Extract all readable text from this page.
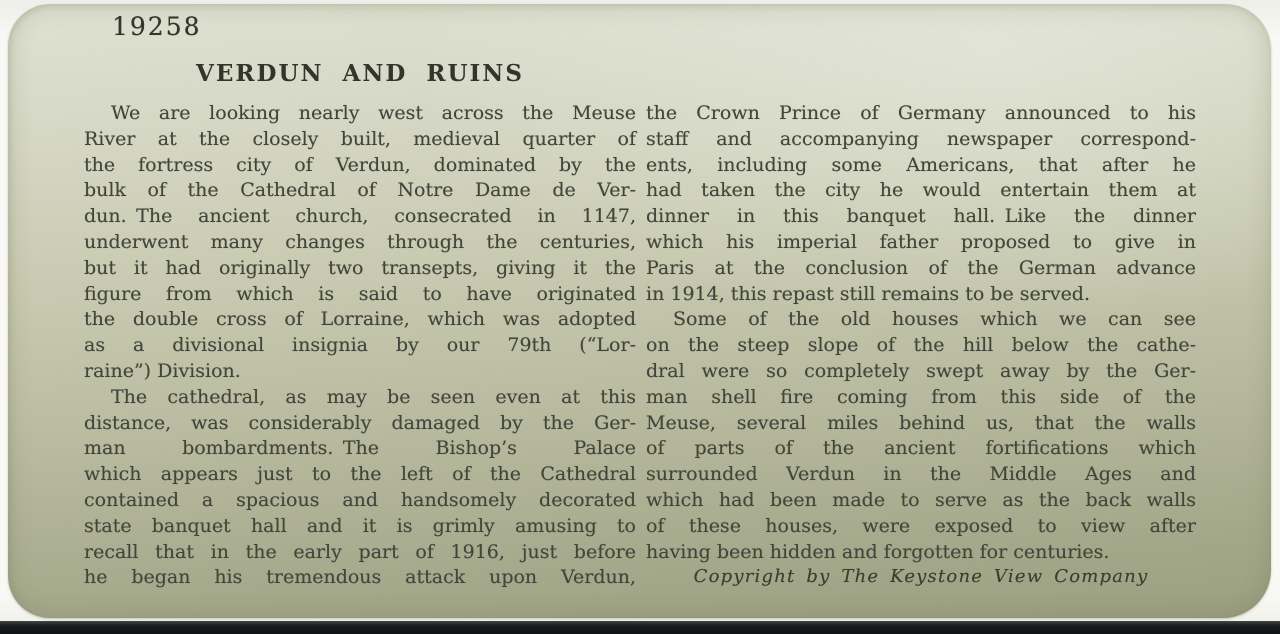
19258
VERDUN AND RUINS
We are looking nearly west across the Meuse
River at the closely built, medieval quarter of
the fortress city of Verdun, dominated by the
bulk of the Cathedral of Notre Dame de Ver-
dun. The ancient church, consecrated in 1147,
underwent many changes through the centuries,
but it had originally two transepts, giving it the
figure from which is said to have originated
the double cross of Lorraine, which was adopted
as a divisional insignia by our 79th (“Lor-
raine”) Division.
The cathedral, as may be seen even at this
distance, was considerably damaged by the Ger-
man bombardments. The Bishop’s Palace
which appears just to the left of the Cathedral
contained a spacious and handsomely decorated
state banquet hall and it is grimly amusing to
recall that in the early part of 1916, just before
he began his tremendous attack upon Verdun,
the Crown Prince of Germany announced to his
staff and accompanying newspaper correspond-
ents, including some Americans, that after he
had taken the city he would entertain them at
dinner in this banquet hall. Like the dinner
which his imperial father proposed to give in
Paris at the conclusion of the German advance
in 1914, this repast still remains to be served.
Some of the old houses which we can see
on the steep slope of the hill below the cathe-
dral were so completely swept away by the Ger-
man shell fire coming from this side of the
Meuse, several miles behind us, that the walls
of parts of the ancient fortifications which
surrounded Verdun in the Middle Ages and
which had been made to serve as the back walls
of these houses, were exposed to view after
having been hidden and forgotten for centuries.
Copyright by The Keystone View Company
